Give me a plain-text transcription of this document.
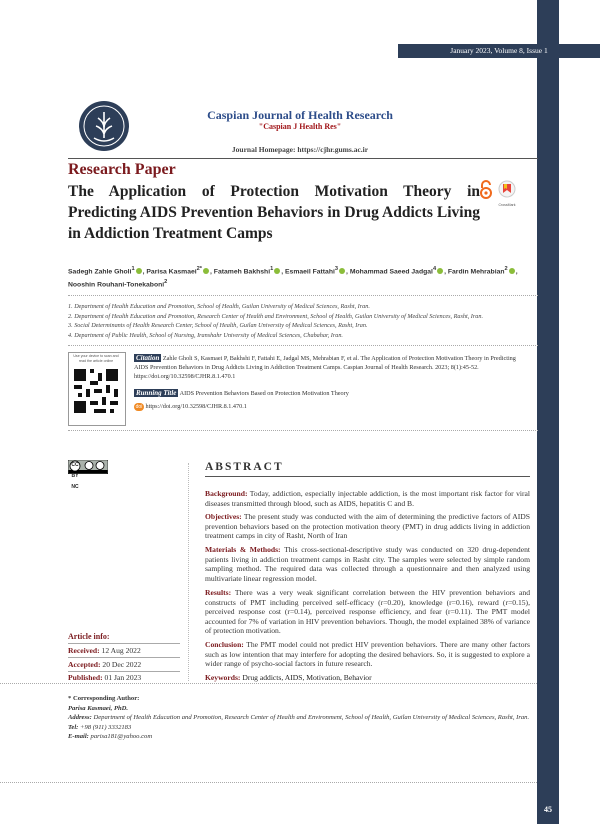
January 2023, Volume 8, Issue 1
Caspian Journal of Health Research
"Caspian J Health Res"
Journal Homepage: https://cjhr.gums.ac.ir
Research Paper
The Application of Protection Motivation Theory in Predicting AIDS Prevention Behaviors in Drug Addicts Living in Addiction Treatment Camps
CrossMark
Sadegh Zahle Gholi$^1$ , Parisa Kasmaei$^{2*}$ , Fatameh Bakhshi$^1$ , Esmaeil Fattahi$^3$ , Mohammad Saeed Jadgal$^4$ , Fardin Mehrabian$^2$ ,
Nooshin Rouhani-Tonekaboni$^2$
1. Department of Health Education and Promotion, School of Health, Guilan University of Medical Sciences, Rasht, Iran.
2. Department of Health Education and Promotion, Research Center of Health and Environment, School of Health, Guilan University of Medical Sciences, Rasht, Iran.
3. Social Determinants of Health Research Center, School of Health, Guilan University of Medical Sciences, Rasht, Iran.
4. Department of Public Health, School of Nursing, Iranshahr University of Medical Sciences, Chabahar, Iran.
Use your device to scan and read the article online	Citation Zahle Gholi S, Kasmaei P, Bakhshi F, Fattahi E, Jadgal MS, Mehrabian F, et al. The Application of Protection Motivation Theory in Predicting AIDS Prevention Behaviors in Drug Addicts Living in Addiction Treatment Camps. Caspian Journal of Health Research. 2023; 8(1):45-52. https://doi.org/10.32598/CJHR.8.1.470.1
Running Title AIDS Prevention Behaviors Based on Protection Motivation Theory
doi https://doi.org/10.32598/CJHR.8.1.470.1
CC BY NC
ABSTRACT
Background: Today, addiction, especially injectable addiction, is the most important risk factor for viral diseases transmitted through blood, such as AIDS, hepatitis C and B.
Objectives: The present study was conducted with the aim of determining the predictive factors of AIDS prevention behaviors based on the protection motivation theory (PMT) in drug addicts living in addiction treatment camps in city of Rasht, North of Iran
Materials & Methods: This cross-sectional-descriptive study was conducted on 320 drug-dependent patients living in addiction treatment camps in Rasht city. The samples were selected by simple random sampling method. The required data was collected through a questionnaire and then analyzed using multivariate linear regression model.
Results: There was a very weak significant correlation between the HIV prevention behaviors and constructs of PMT including perceived self-efficacy (r=0.20), knowledge (r=0.16), reward (r=0.15), perceived response cost (r=0.14), perceived response efficiency, and fear (r=0.11). The PMT model accounted for 7% of variation in HIV prevention behaviors. Though, the model explained 38% of variance of protection motivation.
Conclusion: The PMT model could not predict HIV prevention behaviors. There are many other factors such as low intention that may interfere for adopting the desired behaviors. So, it is suggested to explore a wider range of psycho-social factors in future research.
Keywords: Drug addicts, AIDS, Motivation, Behavior
Article info:
Received: 12 Aug 2022
Accepted: 20 Dec 2022
Published: 01 Jan 2023
* Corresponding Author:
Parisa Kasmaei, PhD.
Address: Department of Health Education and Promotion, Research Center of Health and Environment, School of Health, Guilan University of Medical Sciences, Rasht, Iran.
Tel: +98 (911) 3332183
E-mail: parisa181@yahoo.com
45
